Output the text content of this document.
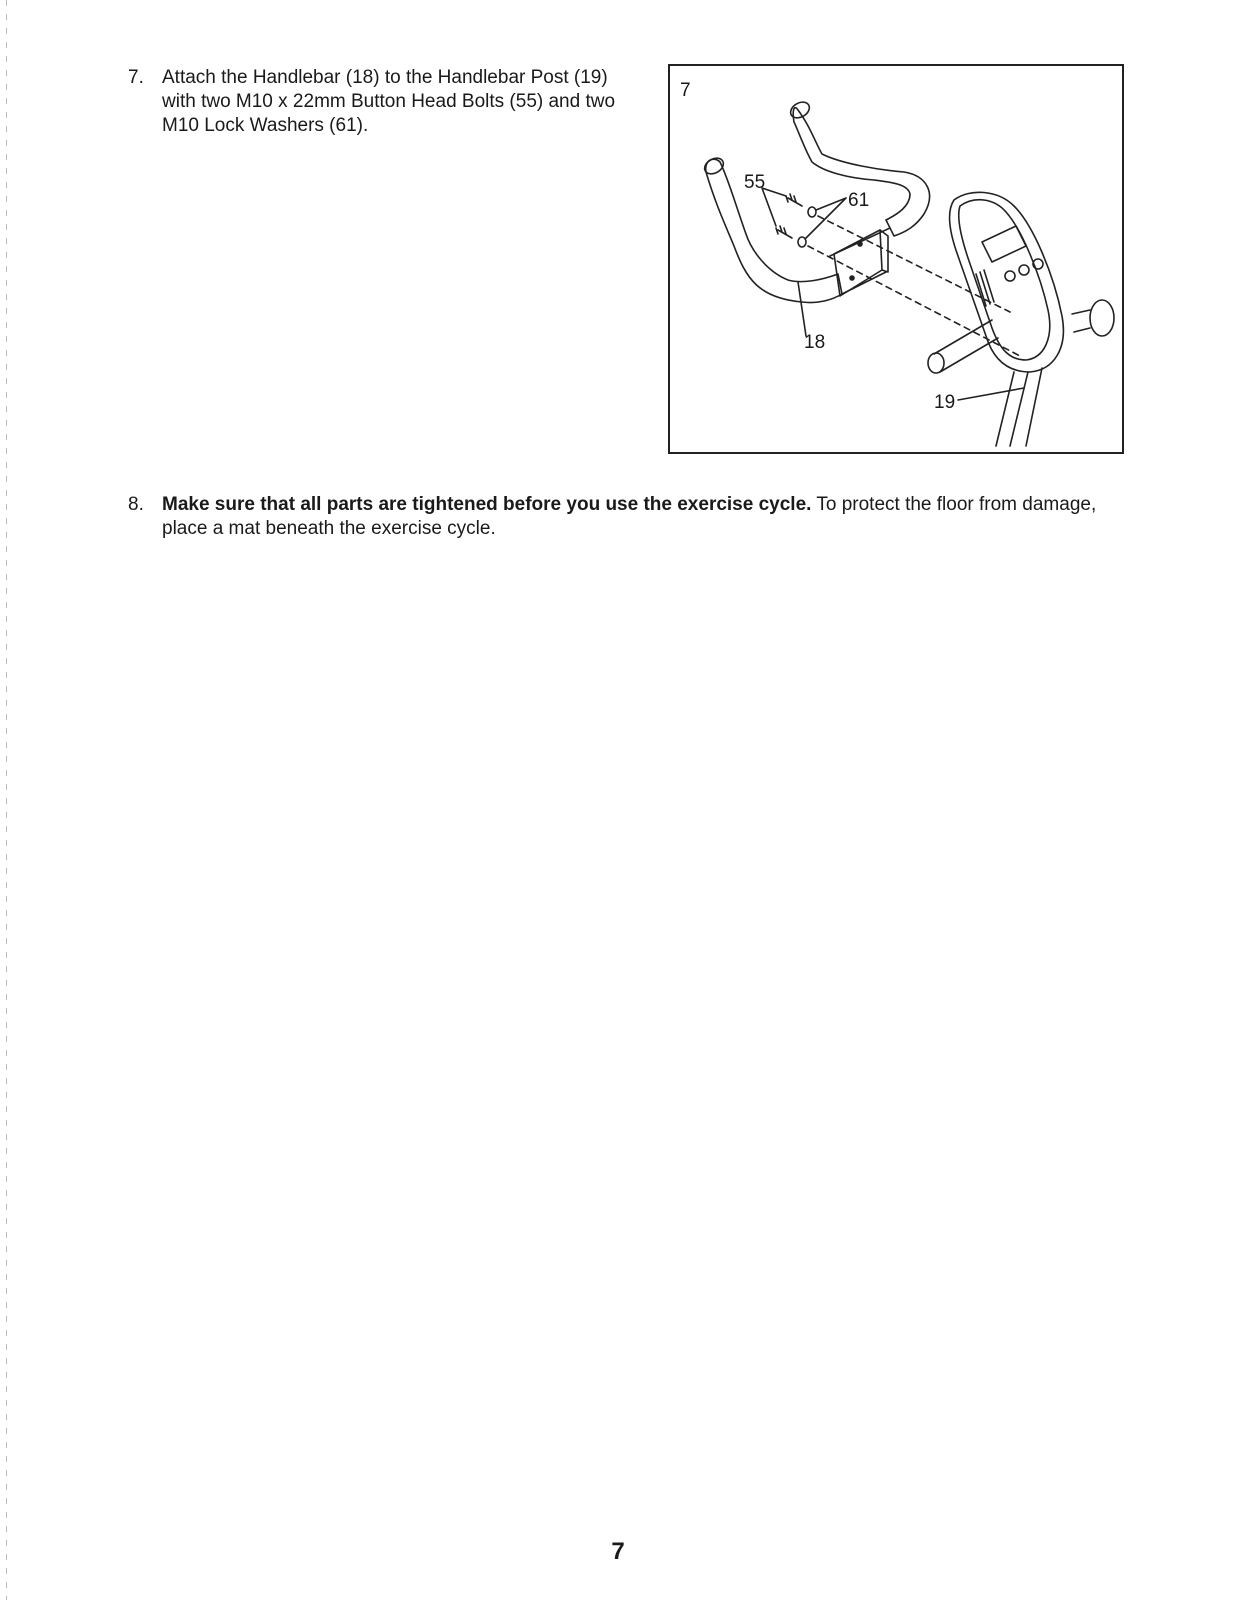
7. Attach the Handlebar (18) to the Handlebar Post (19) with two M10 x 22mm Button Head Bolts (55) and two M10 Lock Washers (61).
7
55
61
18
19
8. Make sure that all parts are tightened before you use the exercise cycle. To protect the floor from damage, place a mat beneath the exercise cycle.
7
